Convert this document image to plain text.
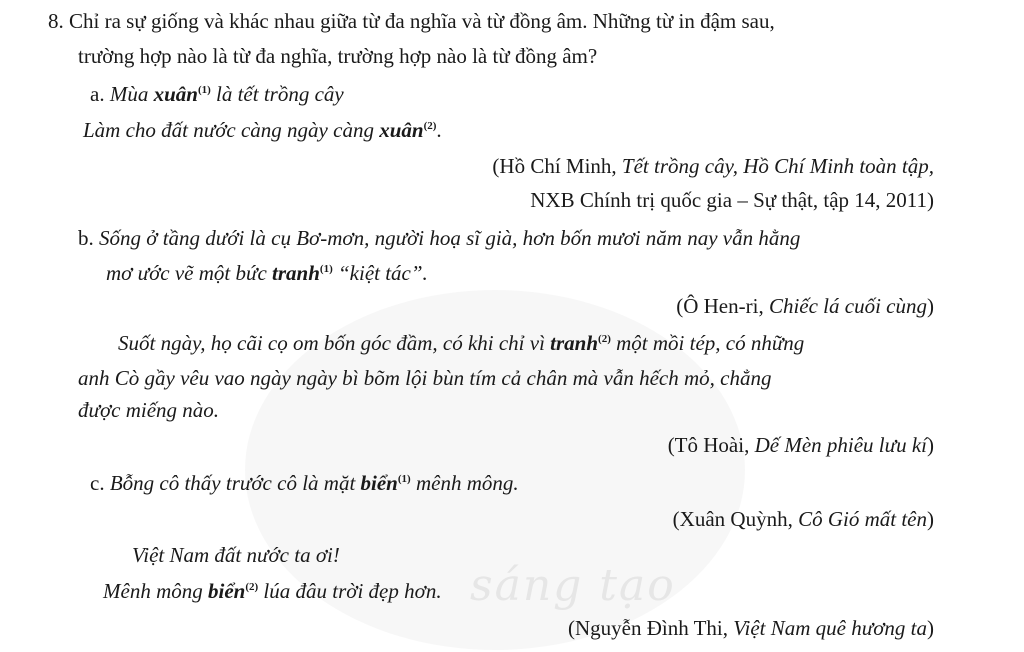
sáng tạo
8. Chỉ ra sự giống và khác nhau giữa từ đa nghĩa và từ đồng âm. Những từ in đậm sau,
trường hợp nào là từ đa nghĩa, trường hợp nào là từ đồng âm?
a. Mùa xuân$^{(1)}$ là tết trồng cây
Làm cho đất nước càng ngày càng xuân$^{(2)}$.
(Hồ Chí Minh, Tết trồng cây, Hồ Chí Minh toàn tập,
NXB Chính trị quốc gia – Sự thật, tập 14, 2011)
b. Sống ở tầng dưới là cụ Bơ-mơn, người hoạ sĩ già, hơn bốn mươi năm nay vẫn hằng
mơ ước vẽ một bức tranh$^{(1)}$ “kiệt tác”.
(Ô Hen-ri, Chiếc lá cuối cùng)
Suốt ngày, họ cãi cọ om bốn góc đầm, có khi chỉ vì tranh$^{(2)}$ một mồi tép, có những
anh Cò gầy vêu vao ngày ngày bì bõm lội bùn tím cả chân mà vẫn hếch mỏ, chẳng
được miếng nào.
(Tô Hoài, Dế Mèn phiêu lưu kí)
c. Bỗng cô thấy trước cô là mặt biển$^{(1)}$ mênh mông.
(Xuân Quỳnh, Cô Gió mất tên)
Việt Nam đất nước ta ơi!
Mênh mông biển$^{(2)}$ lúa đâu trời đẹp hơn.
(Nguyễn Đình Thi, Việt Nam quê hương ta)
